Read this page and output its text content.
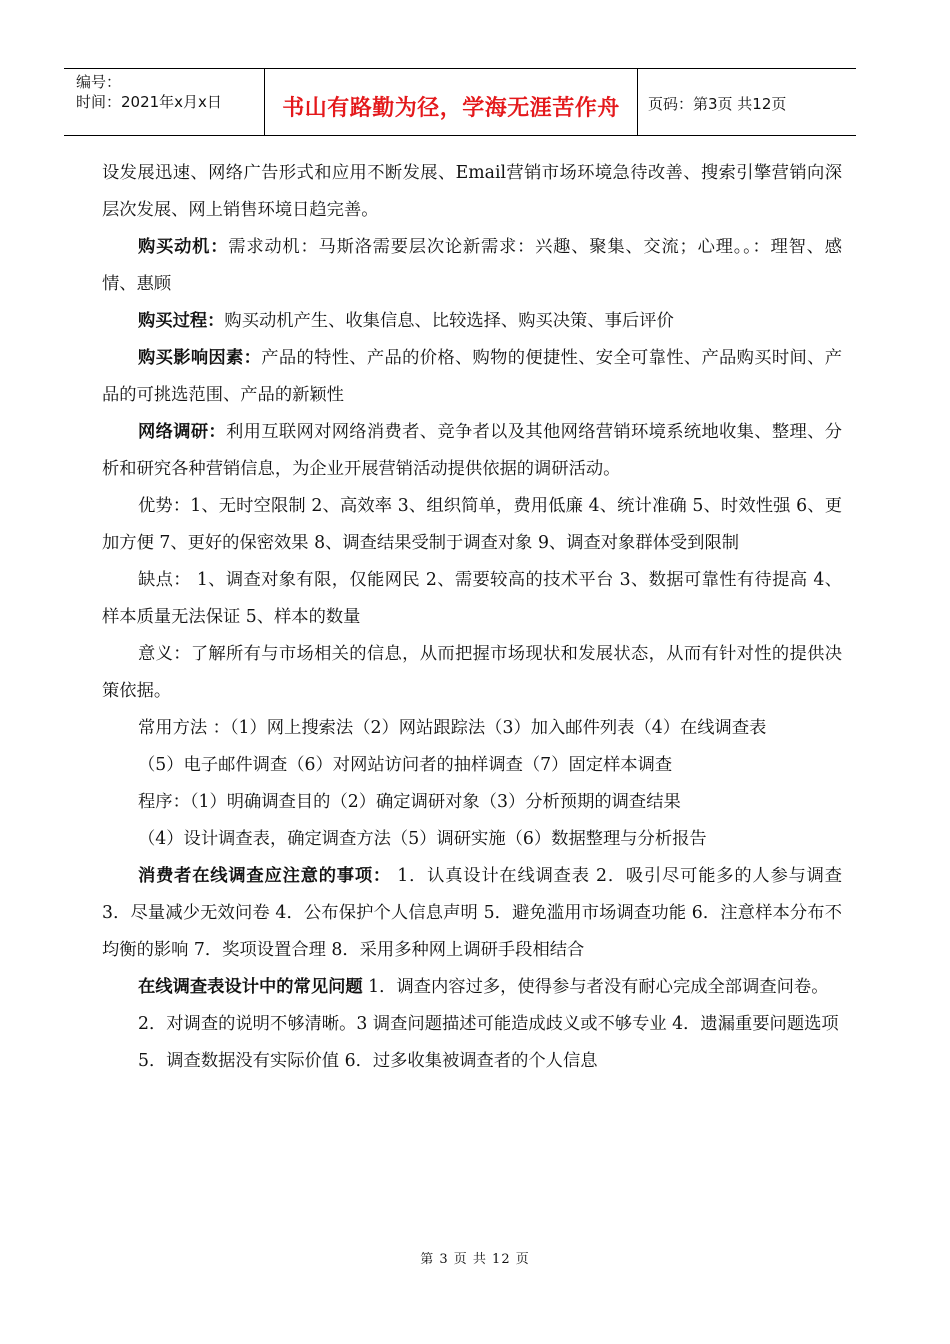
编号：
时间：2021年x月x日	书山有路勤为径，学海无涯苦作舟	页码：第3页 共12页

设发展迅速、网络广告形式和应用不断发展、Email营销市场环境急待改善、搜索引擎营销向深层次发展、网上销售环境日趋完善。

购买动机：需求动机：马斯洛需要层次论新需求：兴趣、聚集、交流；心理。。：理智、感情、惠顾

购买过程：购买动机产生、收集信息、比较选择、购买决策、事后评价

购买影响因素：产品的特性、产品的价格、购物的便捷性、安全可靠性、产品购买时间、产品的可挑选范围、产品的新颖性

网络调研：利用互联网对网络消费者、竞争者以及其他网络营销环境系统地收集、整理、分析和研究各种营销信息，为企业开展营销活动提供依据的调研活动。

优势：1、无时空限制 2、高效率 3、组织简单，费用低廉 4、统计准确 5、时效性强 6、更加方便 7、更好的保密效果 8、调查结果受制于调查对象 9、调查对象群体受到限制

缺点： 1、调查对象有限，仅能网民 2、需要较高的技术平台 3、数据可靠性有待提高 4、样本质量无法保证 5、样本的数量

意义：了解所有与市场相关的信息，从而把握市场现状和发展状态，从而有针对性的提供决策依据。

常用方法 ：（1）网上搜索法（2）网站跟踪法（3）加入邮件列表（4）在线调查表

（5）电子邮件调查（6）对网站访问者的抽样调查（7）固定样本调查

程序：（1）明确调查目的（2）确定调研对象（3）分析预期的调查结果

（4）设计调查表，确定调查方法（5）调研实施（6）数据整理与分析报告

消费者在线调查应注意的事项： 1．认真设计在线调查表 2．吸引尽可能多的人参与调查 3．尽量减少无效问卷 4．公布保护个人信息声明 5．避免滥用市场调查功能 6．注意样本分布不均衡的影响 7．奖项设置合理 8．采用多种网上调研手段相结合

在线调查表设计中的常见问题 1．调查内容过多，使得参与者没有耐心完成全部调查问卷。

2．对调查的说明不够清晰。3 调查问题描述可能造成歧义或不够专业 4．遗漏重要问题选项

5．调查数据没有实际价值 6．过多收集被调查者的个人信息

第 3 页 共 12 页
